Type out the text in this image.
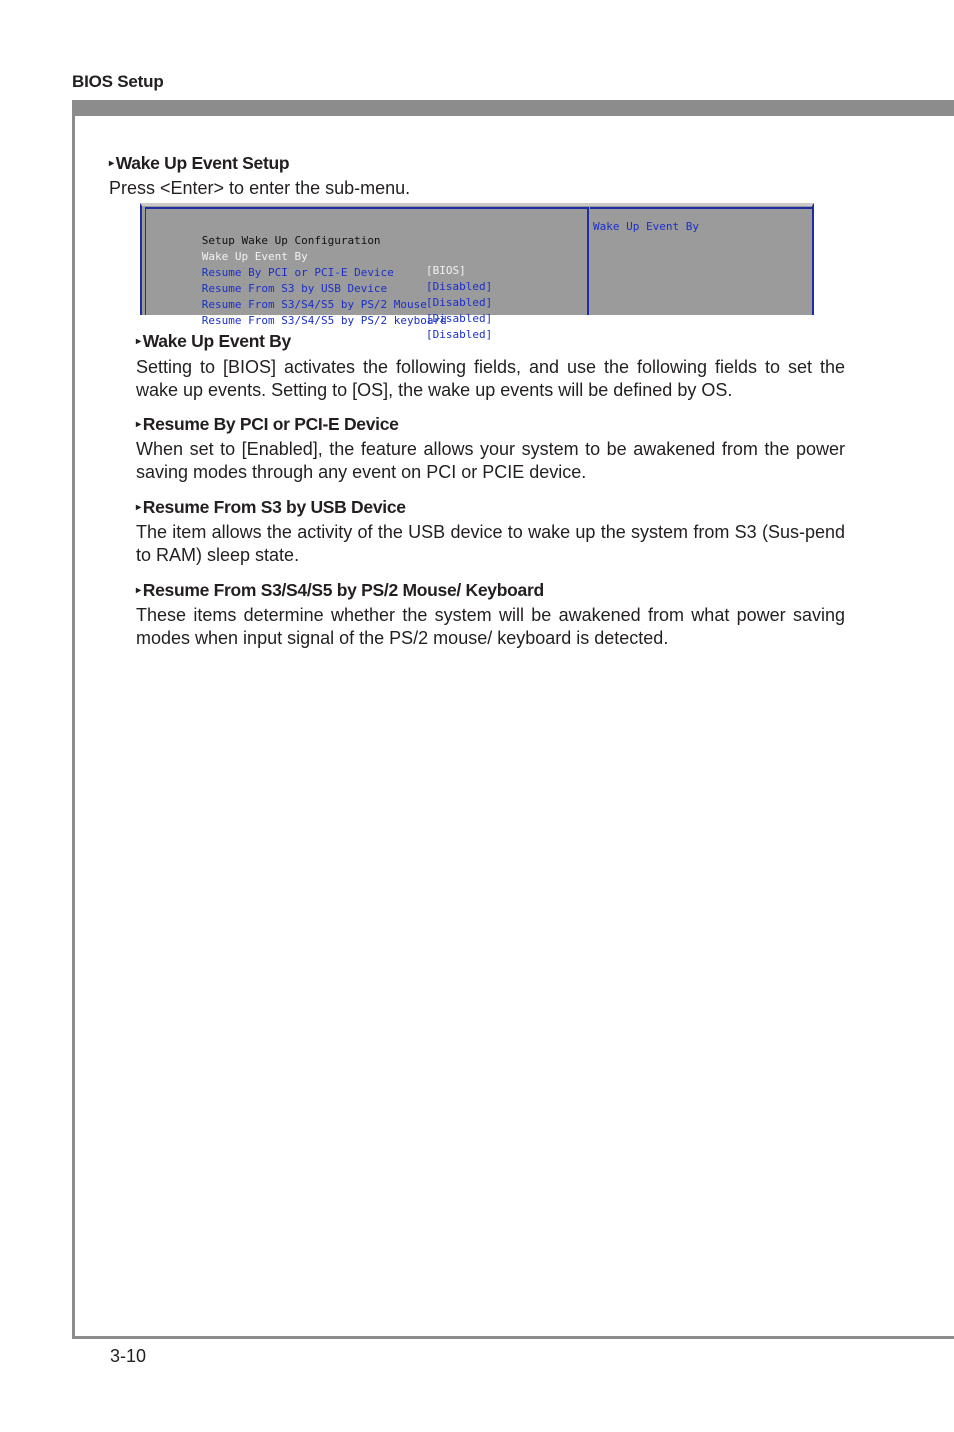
BIOS Setup
▸ Wake Up Event Setup
Press <Enter> to enter the sub-menu.

Setup Wake Up Configuration

Wake Up Event By

[BIOS]

Resume By PCI or PCI-E Device

[Disabled]

Resume From S3 by USB Device

[Disabled]

Resume From S3/S4/S5 by PS/2 Mouse

[Disabled]

Resume From S3/S4/S5 by PS/2 keyboard

[Disabled]

Wake Up Event By
▸ Wake Up Event By
Setting to [BIOS] activates the following fields, and use the following fields to set the wake up events. Setting to [OS], the wake up events will be defined by OS.
▸ Resume By PCI or PCI-E Device
When set to [Enabled], the feature allows your system to be awakened from the power saving modes through any event on PCI or PCIE device.
▸ Resume From S3 by USB Device
The item allows the activity of the USB device to wake up the system from S3 (Sus-pend to RAM) sleep state.
▸ Resume From S3/S4/S5 by PS/2 Mouse/ Keyboard
These items determine whether the system will be awakened from what power saving modes when input signal of the PS/2 mouse/ keyboard is detected.
3-10
